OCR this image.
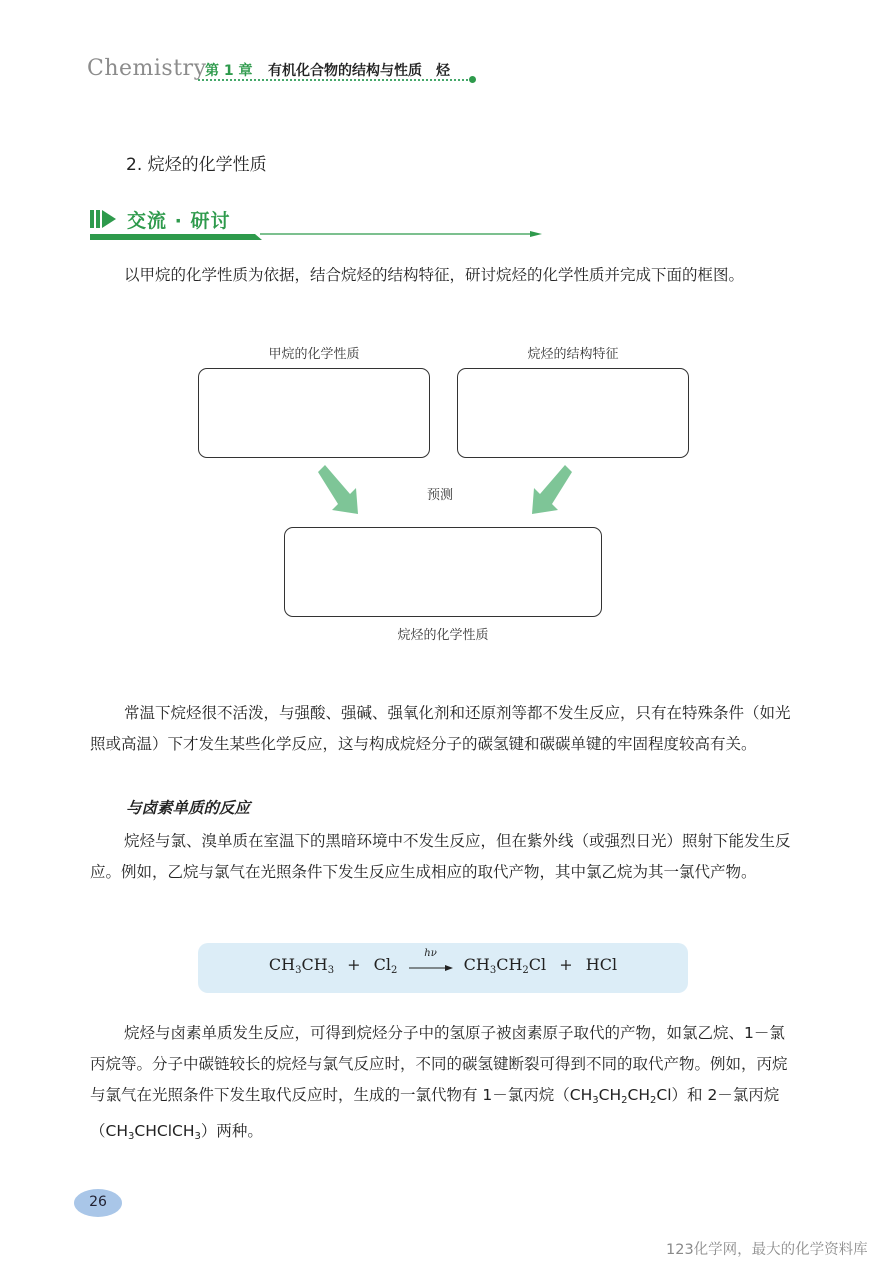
Chemistry
第 1 章 有机化合物的结构与性质　烃
2. 烷烃的化学性质
交流 · 研讨
以甲烷的化学性质为依据，结合烷烃的结构特征，研讨烷烃的化学性质并完成下面的框图。
甲烷的化学性质	烷烃的结构特征
预测
烷烃的化学性质
常温下烷烃很不活泼，与强酸、强碱、强氧化剂和还原剂等都不发生反应，只有在特殊条件（如光照或高温）下才发生某些化学反应，这与构成烷烃分子的碳氢键和碳碳单键的牢固程度较高有关。
与卤素单质的反应
烷烃与氯、溴单质在室温下的黑暗环境中不发生反应，但在紫外线（或强烈日光）照射下能发生反应。例如，乙烷与氯气在光照条件下发生反应生成相应的取代产物，其中氯乙烷为其一氯代产物。
$CH_3CH_3 + Cl_2$
hν
$CH_3CH_2Cl$ + HCl
烷烃与卤素单质发生反应，可得到烷烃分子中的氢原子被卤素原子取代的产物，如氯乙烷、1－氯丙烷等。分子中碳链较长的烷烃与氯气反应时，不同的碳氢键断裂可得到不同的取代产物。例如，丙烷与氯气在光照条件下发生取代反应时，生成的一氯代物有 1－氯丙烷$(CH_3CH_2CH_2Cl)$和 2－氯丙烷$(CH_3CHClCH_3)$两种。
26
123化学网，最大的化学资料库
